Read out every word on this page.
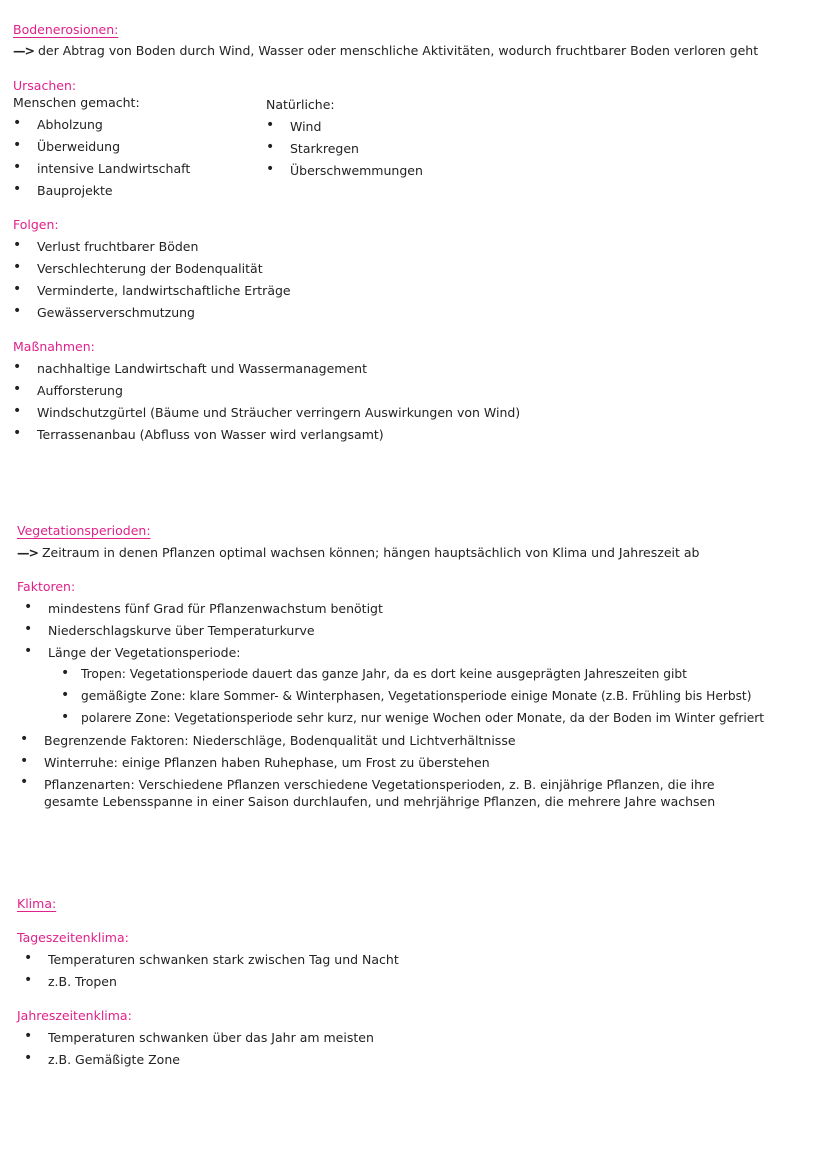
Bodenerosionen:
—> der Abtrag von Boden durch Wind, Wasser oder menschliche Aktivitäten, wodurch fruchtbarer Boden verloren geht
Ursachen:
Menschen gemacht:
• Abholzung
• Überweidung
• intensive Landwirtschaft
• Bauprojekte
Natürliche:
• Wind
• Starkregen
• Überschwemmungen
Folgen:
• Verlust fruchtbarer Böden
• Verschlechterung der Bodenqualität
• Verminderte, landwirtschaftliche Erträge
• Gewässerverschmutzung
Maßnahmen:
• nachhaltige Landwirtschaft und Wassermanagement
• Aufforsterung
• Windschutzgürtel (Bäume und Sträucher verringern Auswirkungen von Wind)
• Terrassenanbau (Abfluss von Wasser wird verlangsamt)
Vegetationsperioden:
—> Zeitraum in denen Pflanzen optimal wachsen können; hängen hauptsächlich von Klima und Jahreszeit ab
Faktoren:
• mindestens fünf Grad für Pflanzenwachstum benötigt
• Niederschlagskurve über Temperaturkurve
• Länge der Vegetationsperiode:
• Tropen: Vegetationsperiode dauert das ganze Jahr, da es dort keine ausgeprägten Jahreszeiten gibt
• gemäßigte Zone: klare Sommer- & Winterphasen, Vegetationsperiode einige Monate (z.B. Frühling bis Herbst)
• polarere Zone: Vegetationsperiode sehr kurz, nur wenige Wochen oder Monate, da der Boden im Winter gefriert
• Begrenzende Faktoren: Niederschläge, Bodenqualität und Lichtverhältnisse
• Winterruhe: einige Pflanzen haben Ruhephase, um Frost zu überstehen
• Pflanzenarten: Verschiedene Pflanzen verschiedene Vegetationsperioden, z. B. einjährige Pflanzen, die ihre gesamte Lebensspanne in einer Saison durchlaufen, und mehrjährige Pflanzen, die mehrere Jahre wachsen
Klima:
Tageszeitenklima:
• Temperaturen schwanken stark zwischen Tag und Nacht
• z.B. Tropen
Jahreszeitenklima:
• Temperaturen schwanken über das Jahr am meisten
• z.B. Gemäßigte Zone
